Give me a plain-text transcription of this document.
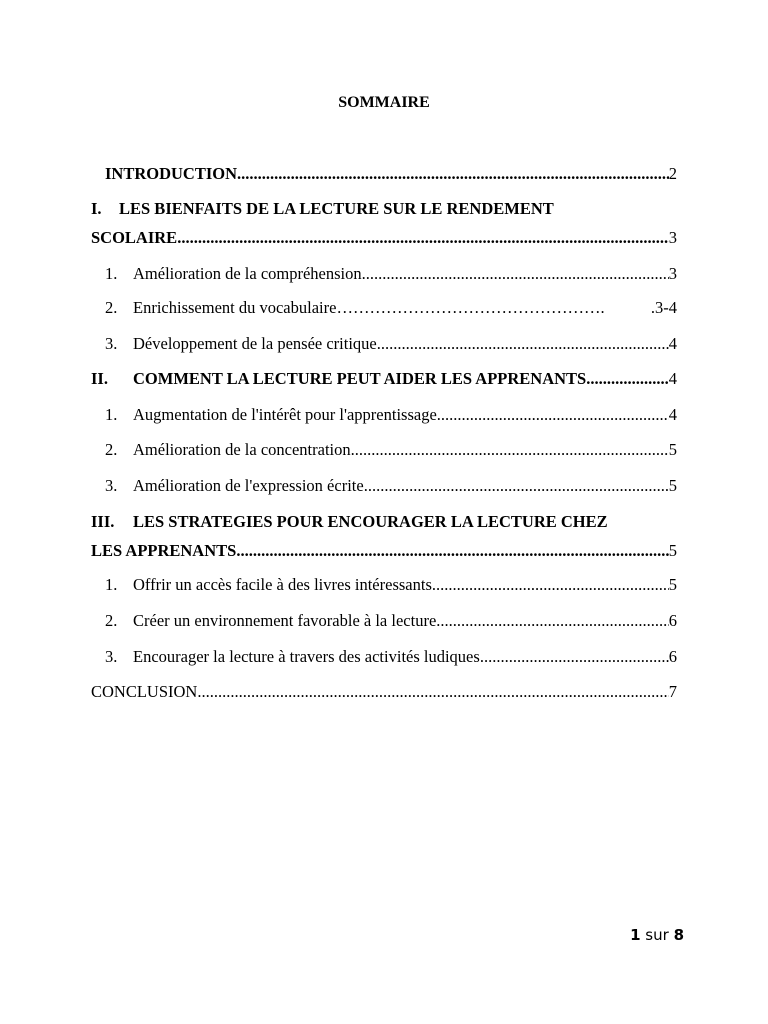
SOMMAIRE
INTRODUCTION .....	2
I. LES BIENFAITS DE LA LECTURE SUR LE RENDEMENT
SCOLAIRE .....	3
1. Amélioration de la compréhension .....	3
2. Enrichissement du vocabulaire ………………………………………….	.3-4
3. Développement de la pensée critique .....	4
II. COMMENT LA LECTURE PEUT AIDER LES APPRENANTS .....	4
1. Augmentation de l'intérêt pour l'apprentissage .....	4
2. Amélioration de la concentration .....	5
3. Amélioration de l'expression écrite .....	5
III. LES STRATEGIES POUR ENCOURAGER LA LECTURE CHEZ
LES APPRENANTS .....	5
1. Offrir un accès facile à des livres intéressants .....	5
2. Créer un environnement favorable à la lecture .....	6
3. Encourager la lecture à travers des activités ludiques .....	6
CONCLUSION .....	7
1 sur 8
